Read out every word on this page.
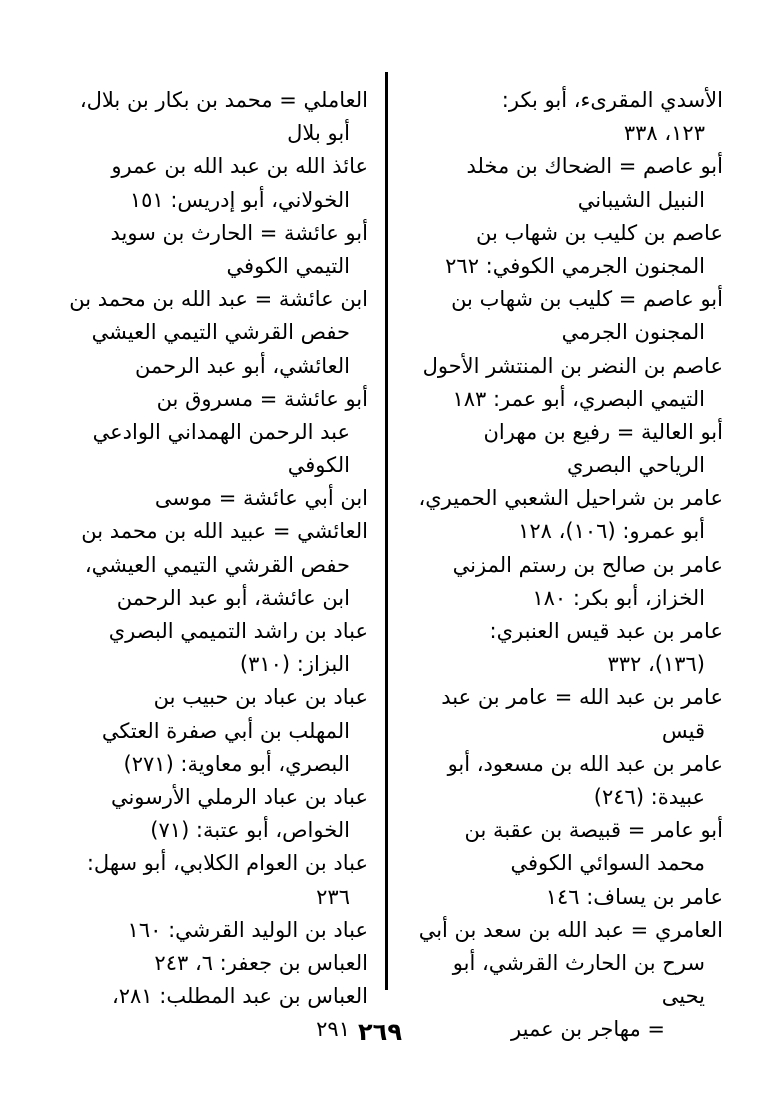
الأسدي المقرىء، أبو بكر:
١٢٣، ٣٣٨
أبو عاصم = الضحاك بن مخلد
النبيل الشيباني
عاصم بن كليب بن شهاب بن
المجنون الجرمي الكوفي: ٢٦٢
أبو عاصم = كليب بن شهاب بن
المجنون الجرمي
عاصم بن النضر بن المنتشر الأحول
التيمي البصري، أبو عمر: ١٨٣
أبو العالية = رفيع بن مهران
الرياحي البصري
عامر بن شراحيل الشعبي الحميري،
أبو عمرو: (١٠٦)، ١٢٨
عامر بن صالح بن رستم المزني
الخزاز، أبو بكر: ١٨٠
عامر بن عبد قيس العنبري:
(١٣٦)، ٣٣٢
عامر بن عبد الله = عامر بن عبد
قيس
عامر بن عبد الله بن مسعود، أبو
عبيدة: (٢٤٦)
أبو عامر = قبيصة بن عقبة بن
محمد السوائي الكوفي
عامر بن يساف: ١٤٦
العامري = عبد الله بن سعد بن أبي
سرح بن الحارث القرشي، أبو
يحيى
= مهاجر بن عمير
العاملي = محمد بن بكار بن بلال،
أبو بلال
عائذ الله بن عبد الله بن عمرو
الخولاني، أبو إدريس: ١٥١
أبو عائشة = الحارث بن سويد
التيمي الكوفي
ابن عائشة = عبد الله بن محمد بن
حفص القرشي التيمي العيشي
العائشي، أبو عبد الرحمن
أبو عائشة = مسروق بن
عبد الرحمن الهمداني الوادعي
الكوفي
ابن أبي عائشة = موسى
العائشي = عبيد الله بن محمد بن
حفص القرشي التيمي العيشي،
ابن عائشة، أبو عبد الرحمن
عباد بن راشد التميمي البصري
البزاز: (٣١٠)
عباد بن عباد بن حبيب بن
المهلب بن أبي صفرة العتكي
البصري، أبو معاوية: (٢٧١)
عباد بن عباد الرملي الأرسوني
الخواص، أبو عتبة: (٧١)
عباد بن العوام الكلابي، أبو سهل:
٢٣٦
عباد بن الوليد القرشي: ١٦٠
العباس بن جعفر: ٦، ٢٤٣
العباس بن عبد المطلب: ٢٨١،
٢٩١ ٢٦٩
